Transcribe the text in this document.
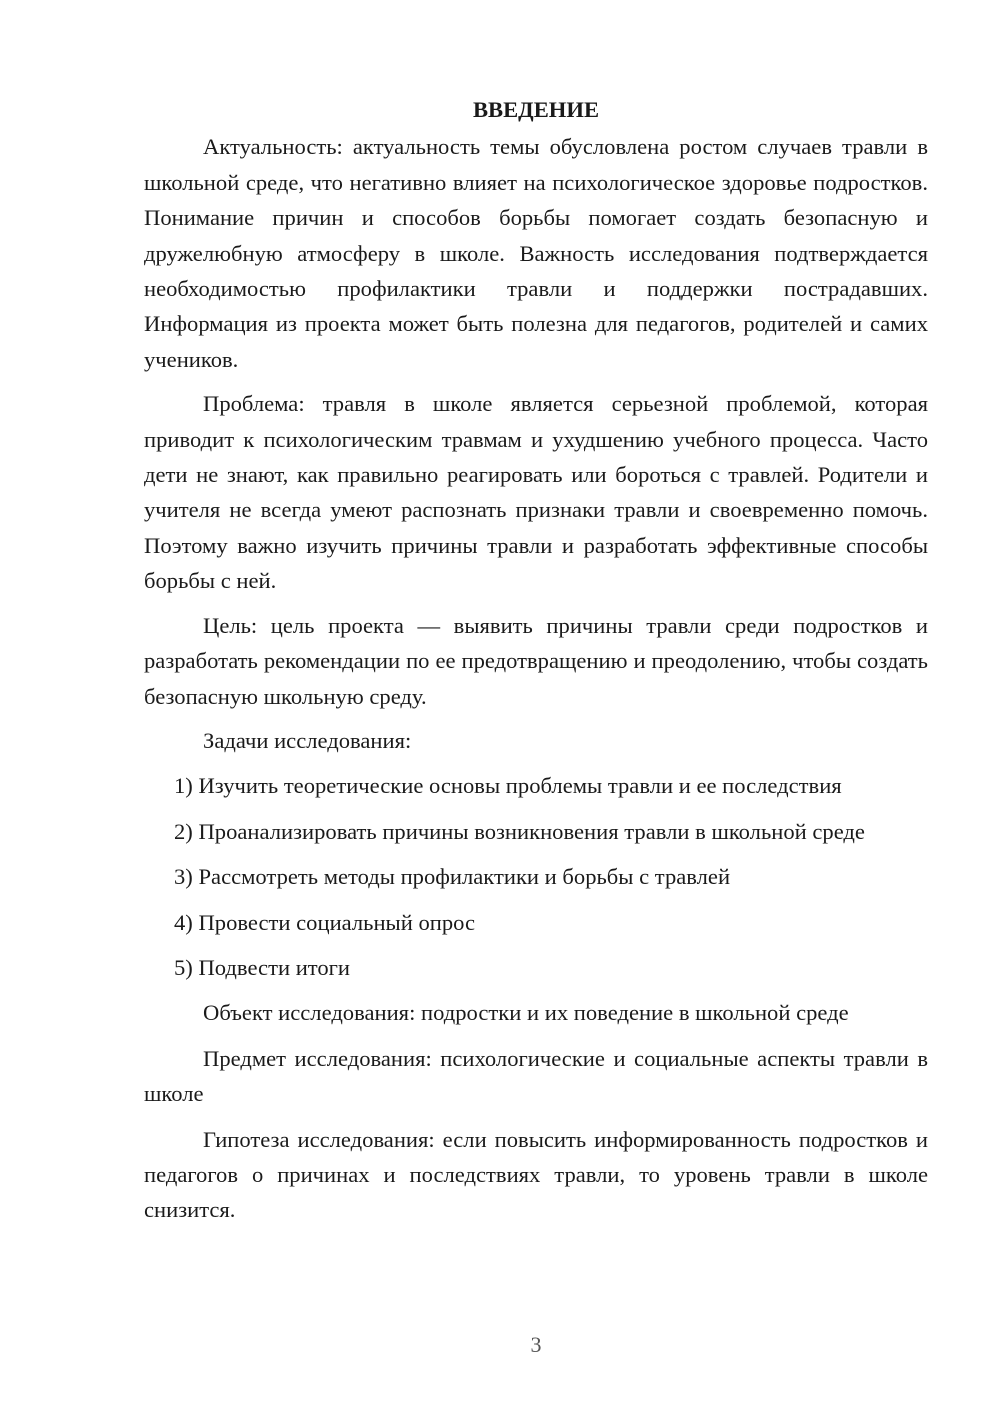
ВВЕДЕНИЕ

Актуальность: актуальность темы обусловлена ростом случаев травли в школьной среде, что негативно влияет на психологическое здоровье подростков. Понимание причин и способов борьбы помогает создать безопасную и дружелюбную атмосферу в школе. Важность исследования подтверждается необходимостью профилактики травли и поддержки пострадавших. Информация из проекта может быть полезна для педагогов, родителей и самих учеников.

Проблема: травля в школе является серьезной проблемой, которая приводит к психологическим травмам и ухудшению учебного процесса. Часто дети не знают, как правильно реагировать или бороться с травлей. Родители и учителя не всегда умеют распознать признаки травли и своевременно помочь. Поэтому важно изучить причины травли и разработать эффективные способы борьбы с ней.

Цель: цель проекта — выявить причины травли среди подростков и разработать рекомендации по ее предотвращению и преодолению, чтобы создать безопасную школьную среду.

Задачи исследования:

1) Изучить теоретические основы проблемы травли и ее последствия

2) Проанализировать причины возникновения травли в школьной среде

3) Рассмотреть методы профилактики и борьбы с травлей

4) Провести социальный опрос

5) Подвести итоги

Объект исследования: подростки и их поведение в школьной среде

Предмет исследования: психологические и социальные аспекты травли в школе

Гипотеза исследования: если повысить информированность подростков и педагогов о причинах и последствиях травли, то уровень травли в школе снизится.

3
